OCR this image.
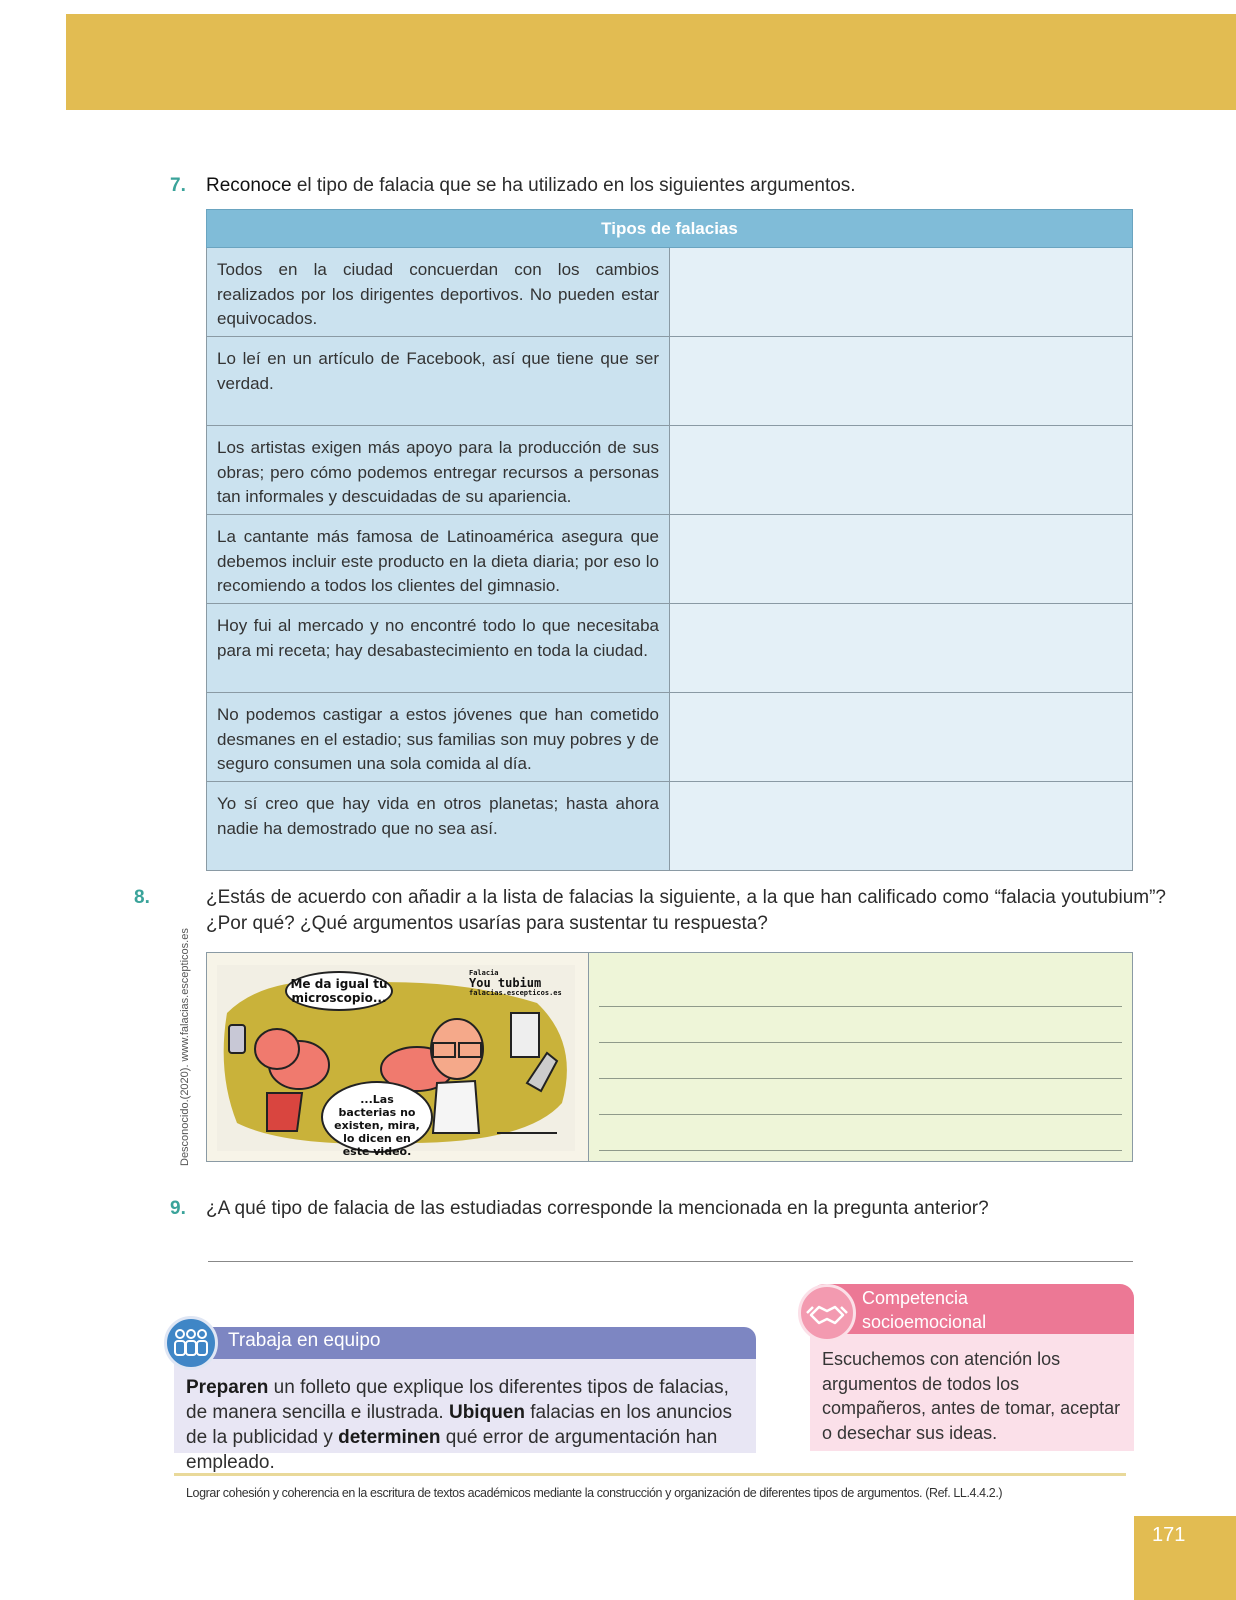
7. Reconoce el tipo de falacia que se ha utilizado en los siguientes argumentos.
Tipos de falacias	
Todos en la ciudad concuerdan con los cambios realizados por los dirigentes deportivos. No pueden estar equivocados.	
Lo leí en un artículo de Facebook, así que tiene que ser verdad.	
Los artistas exigen más apoyo para la producción de sus obras; pero cómo podemos entregar recursos a personas tan informales y descuidadas de su apariencia.	
La cantante más famosa de Latinoamérica asegura que debemos incluir este producto en la dieta diaria; por eso lo recomiendo a todos los clientes del gimnasio.	
Hoy fui al mercado y no encontré todo lo que necesitaba para mi receta; hay desabastecimiento en toda la ciudad.	
No podemos castigar a estos jóvenes que han cometido desmanes en el estadio; sus familias son muy pobres y de seguro consumen una sola comida al día.	
Yo sí creo que hay vida en otros planetas; hasta ahora nadie ha demostrado que no sea así.	
8.	¿Estás de acuerdo con añadir a la lista de falacias la siguiente, a la que han calificado como “falacia youtubium”? ¿Por qué? ¿Qué argumentos usarías para sustentar tu respuesta?
Desconocido.(2020). www.falacias.escepticos.es	Me da igual tu microscopio...
...Las bacterias no existen, mira, lo dicen en este video.
Falacia
You tubium
falacias.escepticos.es
9. ¿A qué tipo de falacia de las estudiadas corresponde la mencionada en la pregunta anterior?
Trabaja en equipo
Preparen un folleto que explique los diferentes tipos de falacias, de manera sencilla e ilustrada. Ubiquen falacias en los anuncios de la publicidad y determinen qué error de argumentación han empleado.
Competencia
socioemocional
Escuchemos con atención los argumentos de todos los compañeros, antes de tomar, aceptar o desechar sus ideas.
Lograr cohesión y coherencia en la escritura de textos académicos mediante la construcción y organización de diferentes tipos de argumentos. (Ref. LL.4.4.2.)
171
